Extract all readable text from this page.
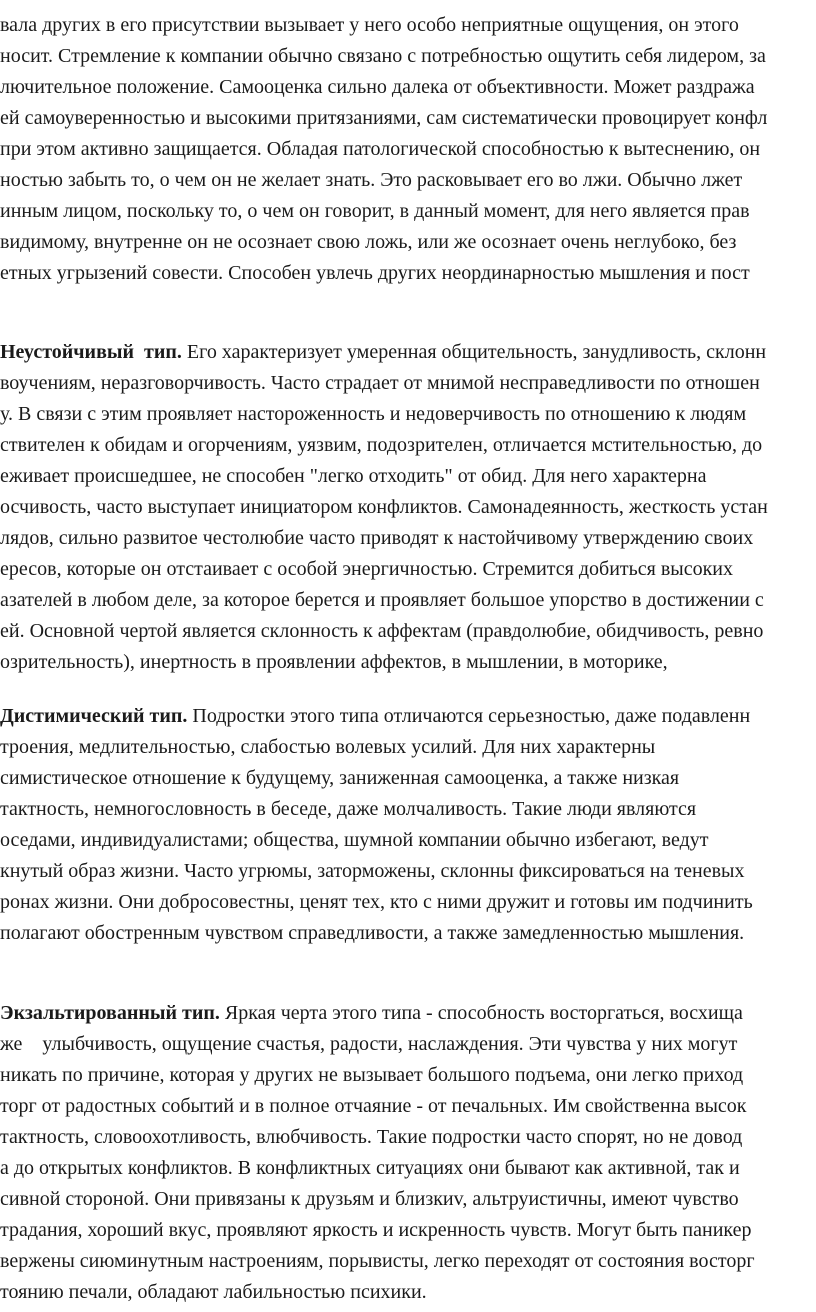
вала других в его присутствии вызывает у него особо неприятные ощущения, он этого
носит. Стремление к компании обычно связано с потребностью ощутить себя лидером, за
лючительное положение. Самооценка сильно далека от объективности. Может раздража
ей самоуверенностью и высокими притязаниями, сам систематически провоцирует конфл
при этом активно защищается. Обладая патологической способностью к вытеснению, он
ностью забыть то, о чем он не желает знать. Это расковывает его во лжи. Обычно лжет
инным лицом, поскольку то, о чем он говорит, в данный момент, для него является прав
видимому, внутренне он не осознает свою ложь, или же осознает очень неглубоко, без
етных угрызений совести. Способен увлечь других неординарностью мышления и пост
Неустойчивый  тип. Его характеризует умеренная общительность, занудливость, склонн
воучениям, неразговорчивость. Часто страдает от мнимой несправедливости по отношен
у. В связи с этим проявляет настороженность и недоверчивость по отношению к людям
ствителен к обидам и огорчениям, уязвим, подозрителен, отличается мстительностью, до
еживает происшедшее, не способен "легко отходить" от обид. Для него характерна
осчивость, часто выступает инициатором конфликтов. Самонадеянность, жесткость устан
лядов, сильно развитое честолюбие часто приводят к настойчивому утверждению своих
ересов, которые он отстаивает с особой энергичностью. Стремится добиться высоких
азателей в любом деле, за которое берется и проявляет большое упорство в достижении с
ей. Основной чертой является склонность к аффектам (правдолюбие, обидчивость, ревно
озрительность), инертность в проявлении аффектов, в мышлении, в моторике,
Дистимический тип. Подростки этого типа отличаются серьезностью, даже подавленн
троения, медлительностью, слабостью волевых усилий. Для них характерны
симистическое отношение к будущему, заниженная самооценка, а также низкая
тактность, немногословность в беседе, даже молчаливость. Такие люди являются
оседами, индивидуалистами; общества, шумной компании обычно избегают, ведут
кнутый образ жизни. Часто угрюмы, заторможены, склонны фиксироваться на теневых
ронах жизни. Они добросовестны, ценят тех, кто с ними дружит и готовы им подчинить
полагают обостренным чувством справедливости, а также замедленностью мышления.
Экзальтированный тип. Яркая черта этого типа - способность восторгаться, восхища
же    улыбчивость, ощущение счастья, радости, наслаждения. Эти чувства у них могут
никать по причине, которая у других не вызывает большого подъема, они легко приход
торг от радостных событий и в полное отчаяние - от печальных. Им свойственна высок
тактность, словоохотливость, влюбчивость. Такие подростки часто спорят, но не довод
а до открытых конфликтов. В конфликтных ситуациях они бывают как активной, так и
сивной стороной. Они привязаны к друзьям и близкиv, альтруистичны, имеют чувство
традания, хороший вкус, проявляют яркость и искренность чувств. Могут быть паникер
вержены сиюминутным настроениям, порывисты, легко переходят от состояния восторг
тоянию печали, обладают лабильностью психики.
